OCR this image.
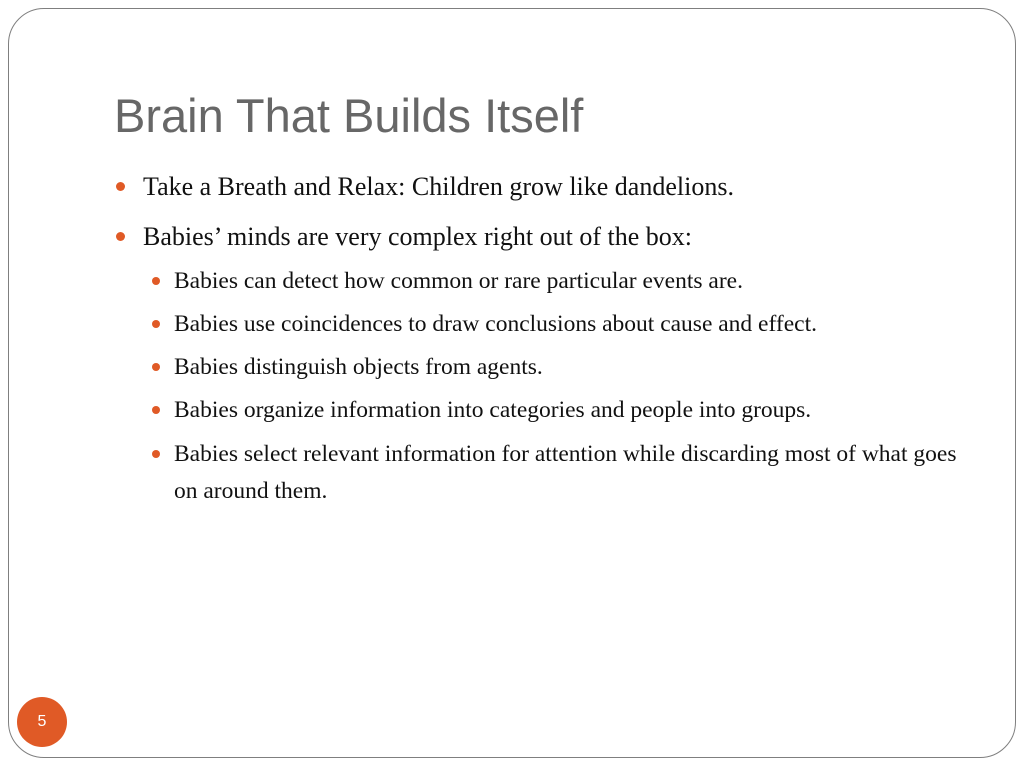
Brain That Builds Itself
Take a Breath and Relax: Children grow like dandelions.
Babies’ minds are very complex right out of the box:
Babies can detect how common or rare particular events are.
Babies use coincidences to draw conclusions about cause and effect.
Babies distinguish objects from agents.
Babies organize information into categories and people into groups.
Babies select relevant information for attention while discarding most of what goes on around them.
5
